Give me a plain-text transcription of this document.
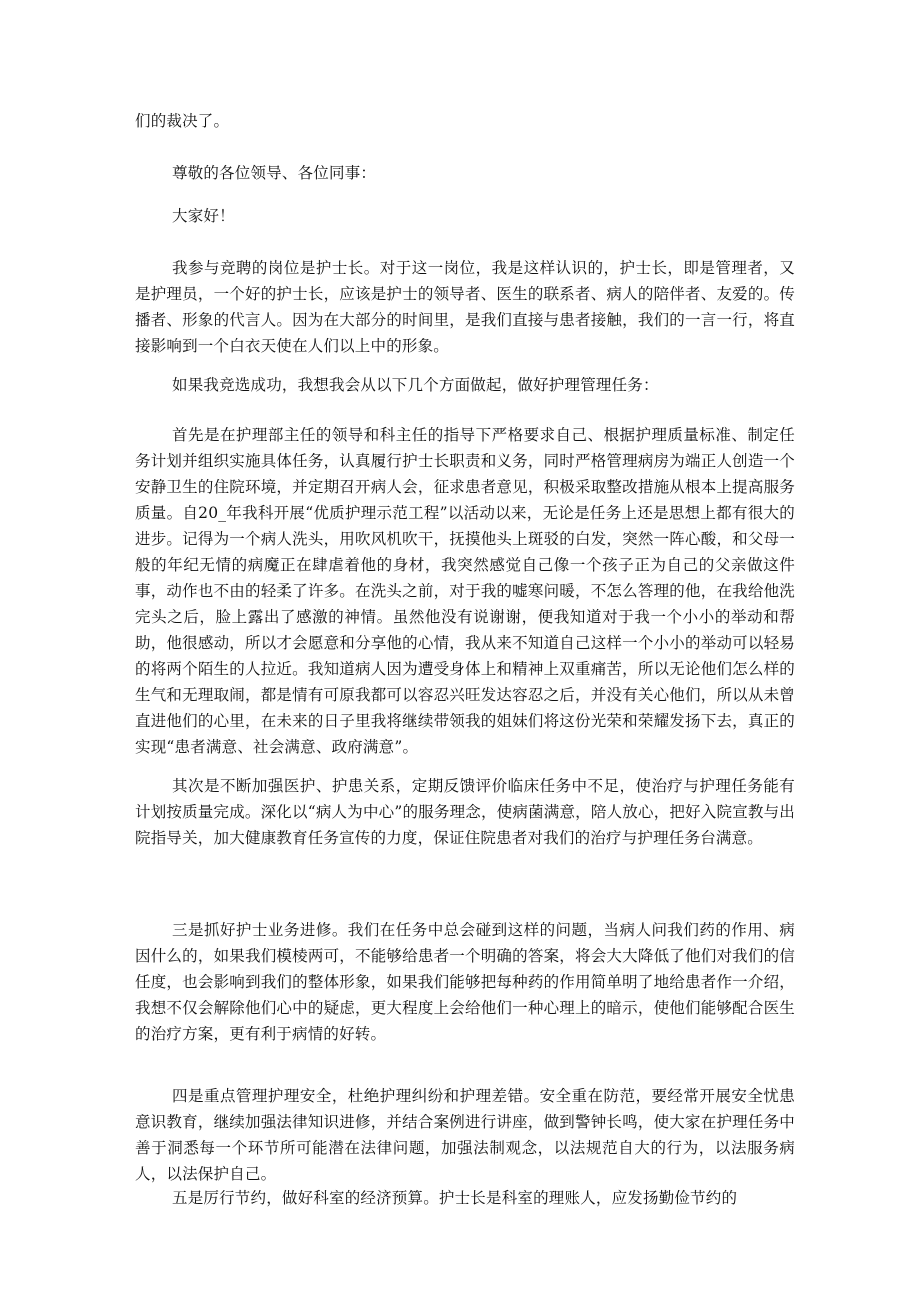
们的裁决了。

尊敬的各位领导、各位同事：

大家好！

我参与竞聘的岗位是护士长。对于这一岗位，我是这样认识的，护士长，即是管理者，又是护理员，一个好的护士长，应该是护士的领导者、医生的联系者、病人的陪伴者、友爱的。传播者、形象的代言人。因为在大部分的时间里，是我们直接与患者接触，我们的一言一行，将直接影响到一个白衣天使在人们以上中的形象。

如果我竞选成功，我想我会从以下几个方面做起，做好护理管理任务：

首先是在护理部主任的领导和科主任的指导下严格要求自己、根据护理质量标准、制定任务计划并组织实施具体任务，认真履行护士长职责和义务，同时严格管理病房为端正人创造一个安静卫生的住院环境，并定期召开病人会，征求患者意见，积极采取整改措施从根本上提高服务质量。自20_年我科开展“优质护理示范工程”以活动以来，无论是任务上还是思想上都有很大的进步。记得为一个病人洗头，用吹风机吹干，抚摸他头上斑驳的白发，突然一阵心酸，和父母一般的年纪无情的病魔正在肆虐着他的身材，我突然感觉自己像一个孩子正为自己的父亲做这件事，动作也不由的轻柔了许多。在洗头之前，对于我的嘘寒问暖，不怎么答理的他，在我给他洗完头之后，脸上露出了感激的神情。虽然他没有说谢谢，便我知道对于我一个小小的举动和帮助，他很感动，所以才会愿意和分享他的心情，我从来不知道自己这样一个小小的举动可以轻易的将两个陌生的人拉近。我知道病人因为遭受身体上和精神上双重痛苦，所以无论他们怎么样的生气和无理取闹，都是情有可原我都可以容忍兴旺发达容忍之后，并没有关心他们，所以从未曾直进他们的心里，在未来的日子里我将继续带领我的姐妹们将这份光荣和荣耀发扬下去，真正的实现“患者满意、社会满意、政府满意”。

其次是不断加强医护、护患关系，定期反馈评价临床任务中不足，使治疗与护理任务能有计划按质量完成。深化以“病人为中心”的服务理念，使病菌满意，陪人放心，把好入院宣教与出院指导关，加大健康教育任务宣传的力度，保证住院患者对我们的治疗与护理任务台满意。

三是抓好护士业务进修。我们在任务中总会碰到这样的问题，当病人问我们药的作用、病因什么的，如果我们模棱两可，不能够给患者一个明确的答案，将会大大降低了他们对我们的信任度，也会影响到我们的整体形象，如果我们能够把每种药的作用简单明了地给患者作一介绍，我想不仅会解除他们心中的疑虑，更大程度上会给他们一种心理上的暗示，使他们能够配合医生的治疗方案，更有利于病情的好转。

四是重点管理护理安全，杜绝护理纠纷和护理差错。安全重在防范，要经常开展安全忧患意识教育，继续加强法律知识进修，并结合案例进行讲座，做到警钟长鸣，使大家在护理任务中善于洞悉每一个环节所可能潜在法律问题，加强法制观念，以法规范自大的行为，以法服务病人，以法保护自己。

五是厉行节约，做好科室的经济预算。护士长是科室的理账人，应发扬勤俭节约的
